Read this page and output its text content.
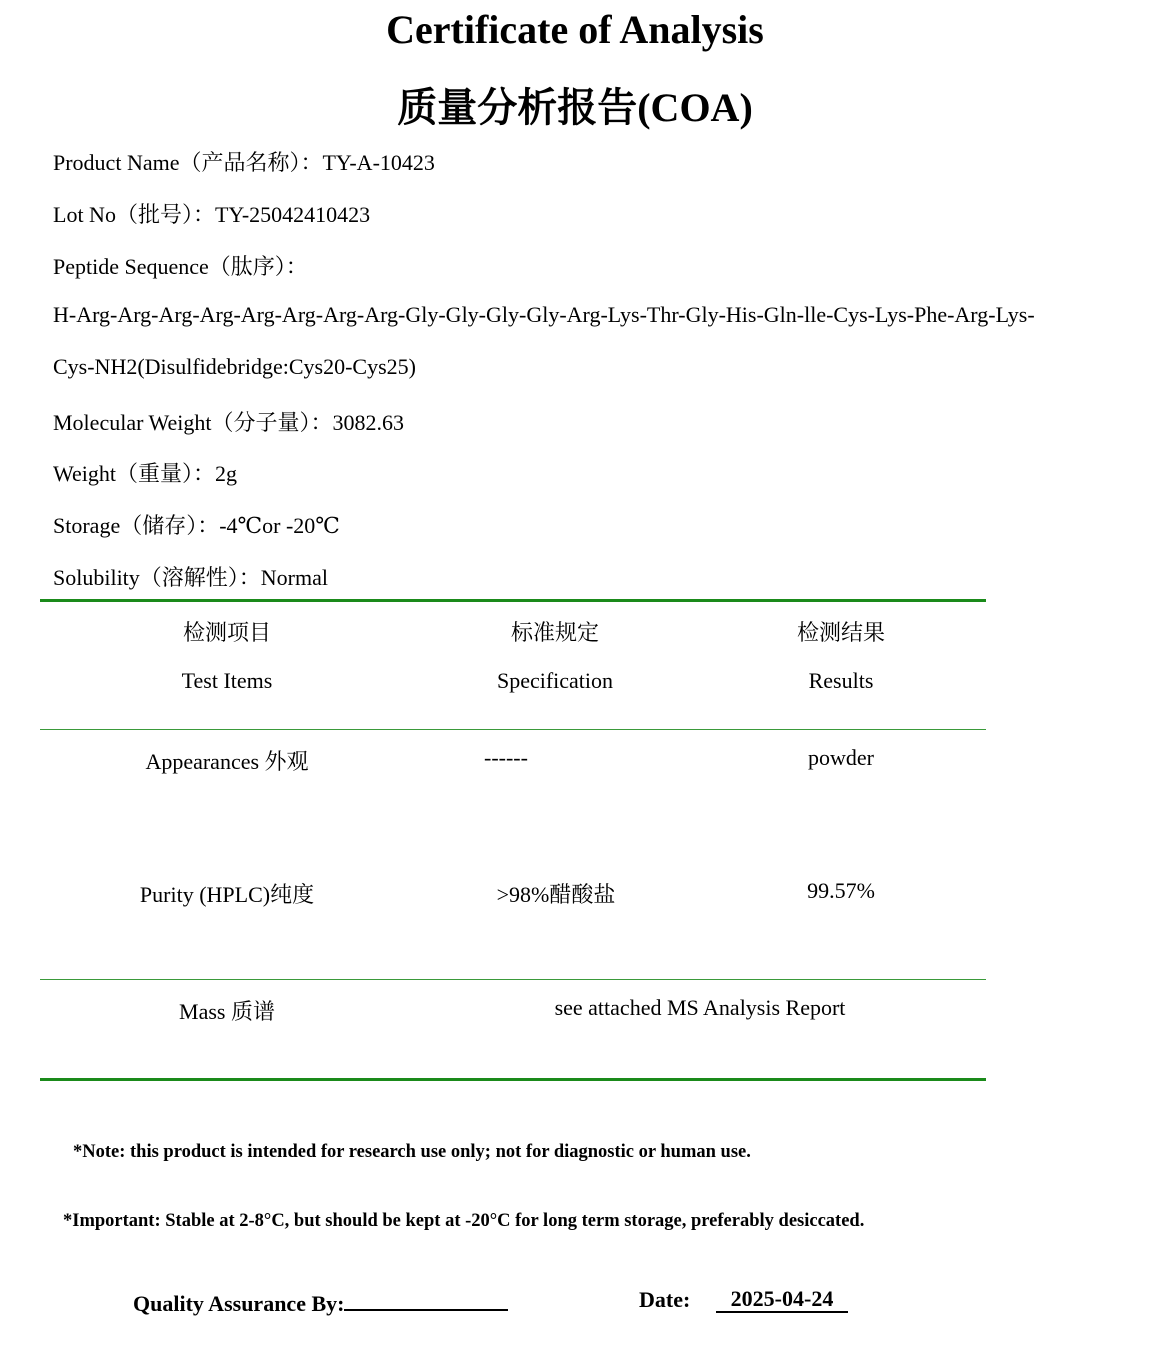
Certificate of Analysis
质量分析报告(COA)
Product Name（产品名称）：TY-A-10423
Lot No（批号）：TY-25042410423
Peptide Sequence（肽序）：
H-Arg-Arg-Arg-Arg-Arg-Arg-Arg-Arg-Gly-Gly-Gly-Gly-Arg-Lys-Thr-Gly-His-Gln-lle-Cys-Lys-Phe-Arg-Lys-
Cys-NH2(Disulfidebridge:Cys20-Cys25)
Molecular Weight（分子量）：3082.63
Weight（重量）：2g
Storage（储存）：-4℃or -20℃
Solubility（溶解性）：Normal
检测项目	标准规定	检测结果
Test Items	Specification	Results
Appearances 外观	------	powder
Purity (HPLC)纯度	>98%醋酸盐	99.57%
Mass 质谱	see attached MS Analysis Report
*Note: this product is intended for research use only; not for diagnostic or human use.
*Important: Stable at 2-8°C, but should be kept at -20°C for long term storage, preferably desiccated.
Quality Assurance By:	Date:	2025-04-24
